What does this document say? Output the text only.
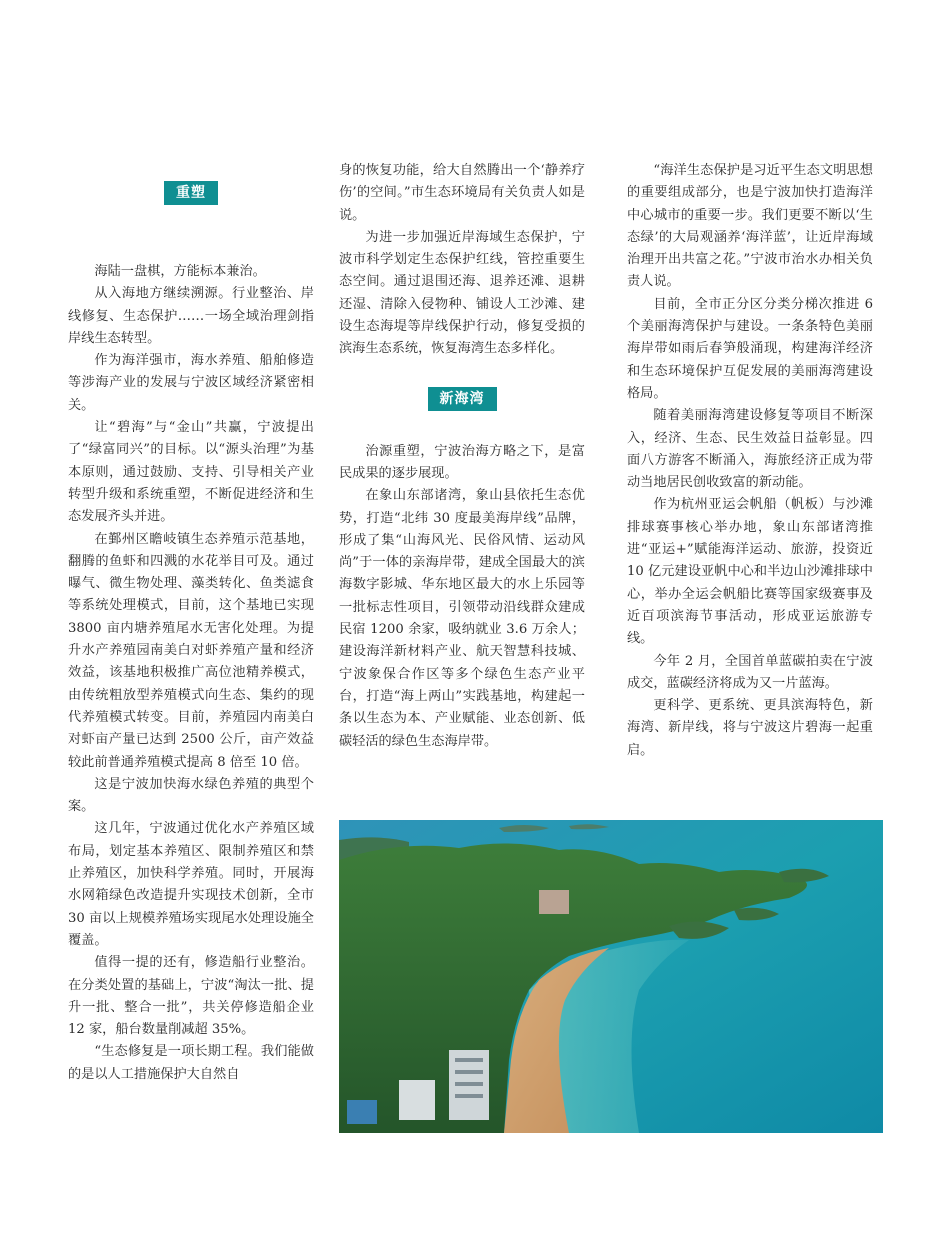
重塑

海陆一盘棋，方能标本兼治。

从入海地方继续溯源。行业整治、岸线修复、生态保护……一场全域治理剑指岸线生态转型。

作为海洋强市，海水养殖、船舶修造等涉海产业的发展与宁波区域经济紧密相关。

让“碧海”与“金山”共赢，宁波提出了“绿富同兴”的目标。以“源头治理”为基本原则，通过鼓励、支持、引导相关产业转型升级和系统重塑，不断促进经济和生态发展齐头并进。

在鄞州区瞻岐镇生态养殖示范基地，翻腾的鱼虾和四溅的水花举目可及。通过曝气、微生物处理、藻类转化、鱼类滤食等系统处理模式，目前，这个基地已实现 3800 亩内塘养殖尾水无害化处理。为提升水产养殖园南美白对虾养殖产量和经济效益，该基地积极推广高位池精养模式，由传统粗放型养殖模式向生态、集约的现代养殖模式转变。目前，养殖园内南美白对虾亩产量已达到 2500 公斤，亩产效益较此前普通养殖模式提高 8 倍至 10 倍。

这是宁波加快海水绿色养殖的典型个案。

这几年，宁波通过优化水产养殖区域布局，划定基本养殖区、限制养殖区和禁止养殖区，加快科学养殖。同时，开展海水网箱绿色改造提升实现技术创新，全市 30 亩以上规模养殖场实现尾水处理设施全覆盖。

值得一提的还有，修造船行业整治。在分类处置的基础上，宁波“淘汰一批、提升一批、整合一批”，共关停修造船企业 12 家，船台数量削减超 35%。

“生态修复是一项长期工程。我们能做的是以人工措施保护大自然自

身的恢复功能，给大自然腾出一个‘静养疗伤’的空间。”市生态环境局有关负责人如是说。

为进一步加强近岸海域生态保护，宁波市科学划定生态保护红线，管控重要生态空间。通过退围还海、退养还滩、退耕还湿、清除入侵物种、铺设人工沙滩、建设生态海堤等岸线保护行动，修复受损的滨海生态系统，恢复海湾生态多样化。

新海湾

治源重塑，宁波治海方略之下，是富民成果的逐步展现。

在象山东部诸湾，象山县依托生态优势，打造“北纬 30 度最美海岸线”品牌，形成了集“山海风光、民俗风情、运动风尚”于一体的亲海岸带，建成全国最大的滨海数字影城、华东地区最大的水上乐园等一批标志性项目，引领带动沿线群众建成民宿 1200 余家，吸纳就业 3.6 万余人；建设海洋新材料产业、航天智慧科技城、宁波象保合作区等多个绿色生态产业平台，打造“海上两山”实践基地，构建起一条以生态为本、产业赋能、业态创新、低碳轻活的绿色生态海岸带。

“海洋生态保护是习近平生态文明思想的重要组成部分，也是宁波加快打造海洋中心城市的重要一步。我们更要不断以‘生态绿’的大局观涵养‘海洋蓝’，让近岸海域治理开出共富之花。”宁波市治水办相关负责人说。

目前，全市正分区分类分梯次推进 6 个美丽海湾保护与建设。一条条特色美丽海岸带如雨后春笋般涌现，构建海洋经济和生态环境保护互促发展的美丽海湾建设格局。

随着美丽海湾建设修复等项目不断深入，经济、生态、民生效益日益彰显。四面八方游客不断涌入，海旅经济正成为带动当地居民创收致富的新动能。

作为杭州亚运会帆船（帆板）与沙滩排球赛事核心举办地，象山东部诸湾推进“亚运+”赋能海洋运动、旅游，投资近 10 亿元建设亚帆中心和半边山沙滩排球中心，举办全运会帆船比赛等国家级赛事及近百项滨海节事活动，形成亚运旅游专线。

今年 2 月，全国首单蓝碳拍卖在宁波成交，蓝碳经济将成为又一片蓝海。

更科学、更系统、更具滨海特色，新海湾、新岸线，将与宁波这片碧海一起重启。
